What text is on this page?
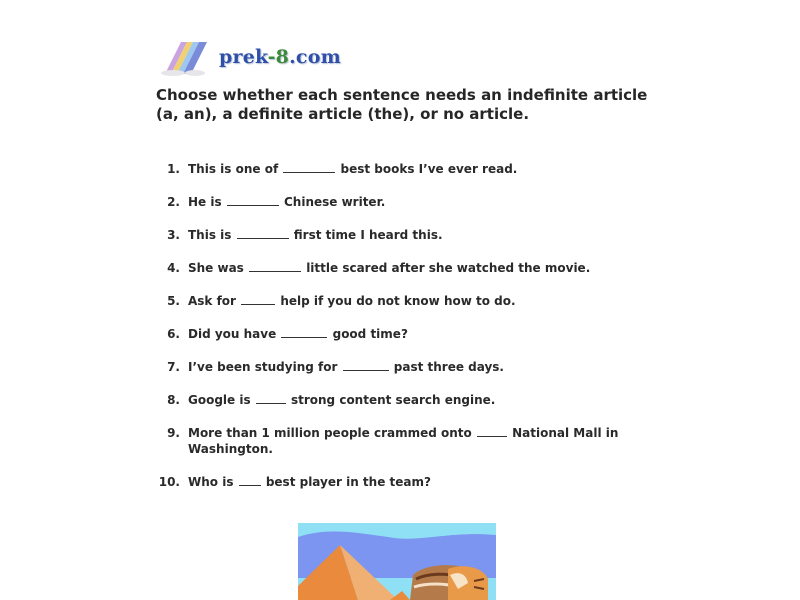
prek-8.com
Choose whether each sentence needs an indefinite article (a, an), a definite article (the), or no article.
1. This is one of	best books I’ve ever read.
2. He is	Chinese writer.
3. This is	first time I heard this.
4. She was	little scared after she watched the movie.
5. Ask for	help if you do not know how to do.
6. Did you have	good time?
7. I’ve been studying for	past three days.
8. Google is	strong content search engine.
9. More than 1 million people crammed onto	National Mall in Washington.
10. Who is  best player in the team?
